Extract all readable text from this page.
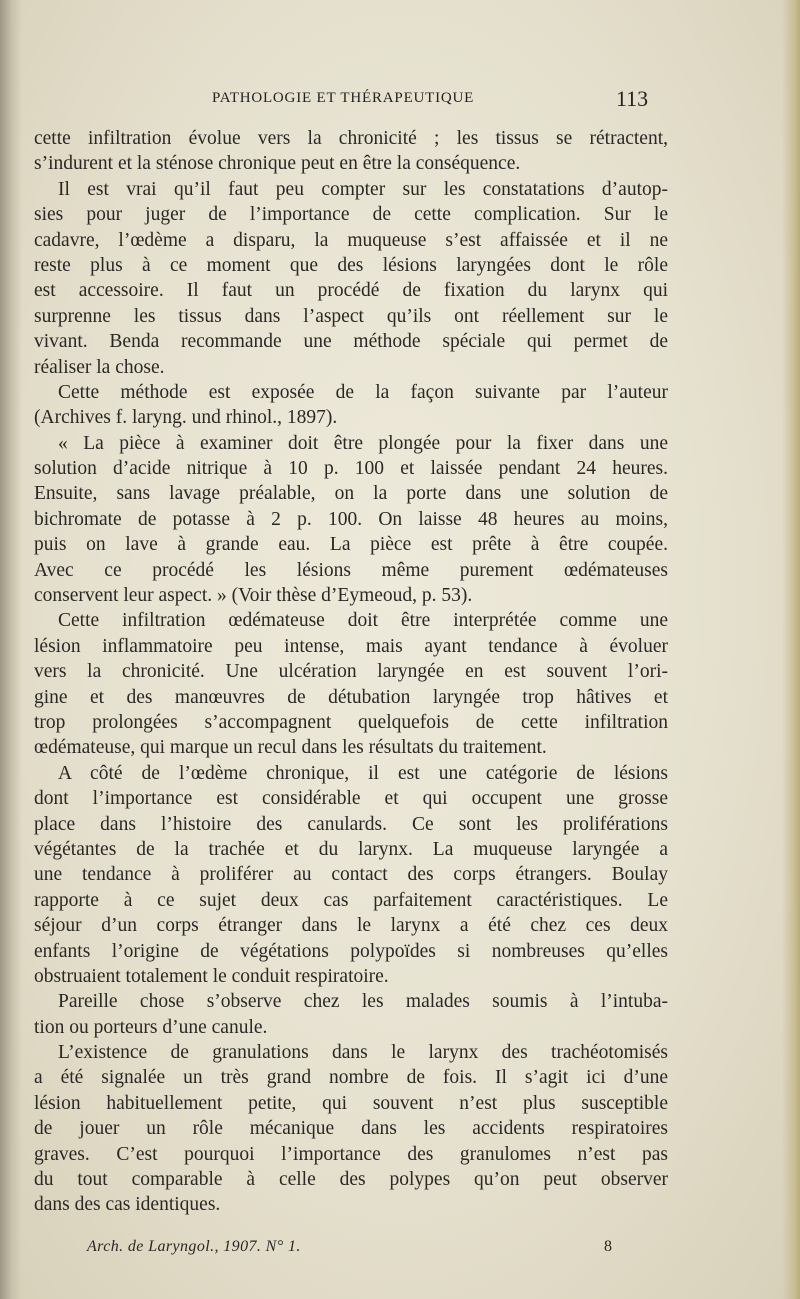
PATHOLOGIE ET THÉRAPEUTIQUE	113
cette infiltration évolue vers la chronicité ; les tissus se rétractent,
s’indurent et la sténose chronique peut en être la conséquence.
Il est vrai qu’il faut peu compter sur les constatations d’autop-
sies pour juger de l’importance de cette complication. Sur le
cadavre, l’œdème a disparu, la muqueuse s’est affaissée et il ne
reste plus à ce moment que des lésions laryngées dont le rôle
est accessoire. Il faut un procédé de fixation du larynx qui
surprenne les tissus dans l’aspect qu’ils ont réellement sur le
vivant. Benda recommande une méthode spéciale qui permet de
réaliser la chose.
Cette méthode est exposée de la façon suivante par l’auteur
(Archives f. laryng. und rhinol., 1897).
« La pièce à examiner doit être plongée pour la fixer dans une
solution d’acide nitrique à 10 p. 100 et laissée pendant 24 heures.
Ensuite, sans lavage préalable, on la porte dans une solution de
bichromate de potasse à 2 p. 100. On laisse 48 heures au moins,
puis on lave à grande eau. La pièce est prête à être coupée.
Avec ce procédé les lésions même purement œdémateuses
conservent leur aspect. » (Voir thèse d’Eymeoud, p. 53).
Cette infiltration œdémateuse doit être interprétée comme une
lésion inflammatoire peu intense, mais ayant tendance à évoluer
vers la chronicité. Une ulcération laryngée en est souvent l’ori-
gine et des manœuvres de détubation laryngée trop hâtives et
trop prolongées s’accompagnent quelquefois de cette infiltration
œdémateuse, qui marque un recul dans les résultats du traitement.
A côté de l’œdème chronique, il est une catégorie de lésions
dont l’importance est considérable et qui occupent une grosse
place dans l’histoire des canulards. Ce sont les proliférations
végétantes de la trachée et du larynx. La muqueuse laryngée a
une tendance à proliférer au contact des corps étrangers. Boulay
rapporte à ce sujet deux cas parfaitement caractéristiques. Le
séjour d’un corps étranger dans le larynx a été chez ces deux
enfants l’origine de végétations polypoïdes si nombreuses qu’elles
obstruaient totalement le conduit respiratoire.
Pareille chose s’observe chez les malades soumis à l’intuba-
tion ou porteurs d’une canule.
L’existence de granulations dans le larynx des trachéotomisés
a été signalée un très grand nombre de fois. Il s’agit ici d’une
lésion habituellement petite, qui souvent n’est plus susceptible
de jouer un rôle mécanique dans les accidents respiratoires
graves. C’est pourquoi l’importance des granulomes n’est pas
du tout comparable à celle des polypes qu’on peut observer
dans des cas identiques.
Arch. de Laryngol., 1907. N° 1.	8
